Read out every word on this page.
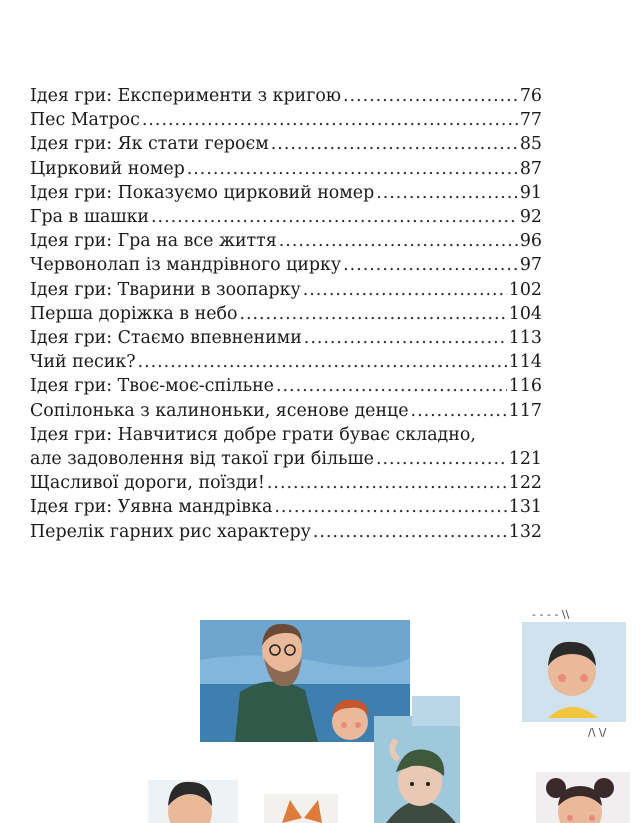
Ідея гри: Експерименти з кригою .....	76
Пес Матрос .....	77
Ідея гри: Як стати героєм .....	85
Цирковий номер .....	87
Ідея гри: Показуємо цирковий номер .....	91
Гра в шашки .....	92
Ідея гри: Гра на все життя .....	96
Червонолап із мандрівного цирку .....	97
Ідея гри: Тварини в зоопарку .....	102
Перша доріжка в небо .....	104
Ідея гри: Стаємо впевненими .....	113
Чий песик? .....	114
Ідея гри: Твоє-моє-спільне .....	116
Сопілонька з калиноньки, ясенове денце .....	117
Ідея гри: Навчитися добре грати буває складно,
але задоволення від такої гри більше .....	121
Щасливої дороги, поїзди! .....	122
Ідея гри: Уявна мандрівка .....	131
Перелік гарних рис характеру .....	132
- - - - \\
/\ \/
